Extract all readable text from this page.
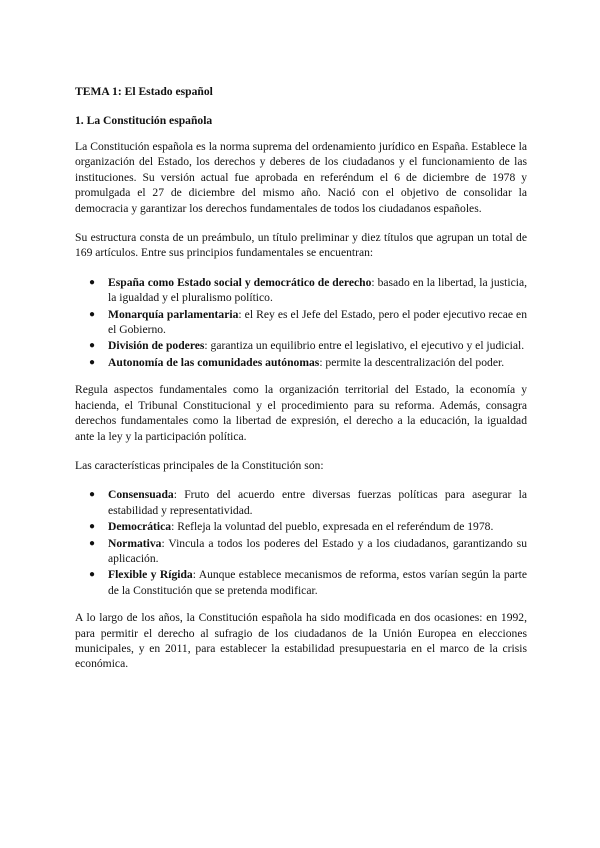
TEMA 1: El Estado español
1. La Constitución española

La Constitución española es la norma suprema del ordenamiento jurídico en España. Establece la organización del Estado, los derechos y deberes de los ciudadanos y el funcionamiento de las instituciones. Su versión actual fue aprobada en referéndum el 6 de diciembre de 1978 y promulgada el 27 de diciembre del mismo año. Nació con el objetivo de consolidar la democracia y garantizar los derechos fundamentales de todos los ciudadanos españoles.

Su estructura consta de un preámbulo, un título preliminar y diez títulos que agrupan un total de 169 artículos. Entre sus principios fundamentales se encuentran:

● España como Estado social y democrático de derecho: basado en la libertad, la justicia, la igualdad y el pluralismo político.
● Monarquía parlamentaria: el Rey es el Jefe del Estado, pero el poder ejecutivo recae en el Gobierno.
● División de poderes: garantiza un equilibrio entre el legislativo, el ejecutivo y el judicial.
● Autonomía de las comunidades autónomas: permite la descentralización del poder.

Regula aspectos fundamentales como la organización territorial del Estado, la economía y hacienda, el Tribunal Constitucional y el procedimiento para su reforma. Además, consagra derechos fundamentales como la libertad de expresión, el derecho a la educación, la igualdad ante la ley y la participación política.

Las características principales de la Constitución son:

● Consensuada: Fruto del acuerdo entre diversas fuerzas políticas para asegurar la estabilidad y representatividad.
● Democrática: Refleja la voluntad del pueblo, expresada en el referéndum de 1978.
● Normativa: Vincula a todos los poderes del Estado y a los ciudadanos, garantizando su aplicación.
● Flexible y Rígida: Aunque establece mecanismos de reforma, estos varían según la parte de la Constitución que se pretenda modificar.

A lo largo de los años, la Constitución española ha sido modificada en dos ocasiones: en 1992, para permitir el derecho al sufragio de los ciudadanos de la Unión Europea en elecciones municipales, y en 2011, para establecer la estabilidad presupuestaria en el marco de la crisis económica.
